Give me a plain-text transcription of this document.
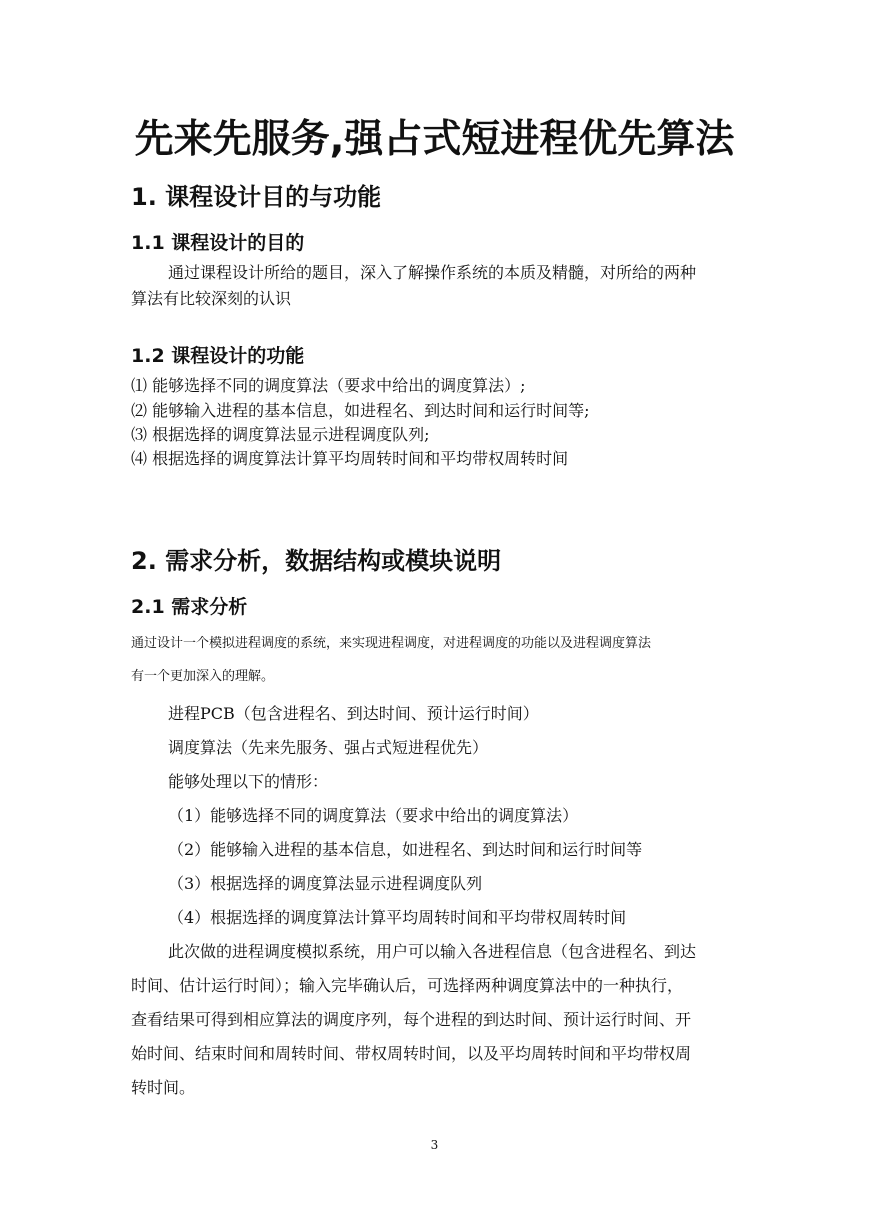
先来先服务,强占式短进程优先算法
1. 课程设计目的与功能
1.1 课程设计的目的
通过课程设计所给的题目，深入了解操作系统的本质及精髓，对所给的两种
算法有比较深刻的认识
1.2 课程设计的功能
⑴ 能够选择不同的调度算法（要求中给出的调度算法）;
⑵ 能够输入进程的基本信息，如进程名、到达时间和运行时间等;
⑶ 根据选择的调度算法显示进程调度队列;
⑷ 根据选择的调度算法计算平均周转时间和平均带权周转时间
2. 需求分析，数据结构或模块说明
2.1 需求分析
通过设计一个模拟进程调度的系统，来实现进程调度，对进程调度的功能以及进程调度算法
有一个更加深入的理解。
进程PCB（包含进程名、到达时间、预计运行时间）
调度算法（先来先服务、强占式短进程优先）
能够处理以下的情形：
（1）能够选择不同的调度算法（要求中给出的调度算法）
（2）能够输入进程的基本信息，如进程名、到达时间和运行时间等
（3）根据选择的调度算法显示进程调度队列
（4）根据选择的调度算法计算平均周转时间和平均带权周转时间
此次做的进程调度模拟系统，用户可以输入各进程信息（包含进程名、到达
时间、估计运行时间）；输入完毕确认后，可选择两种调度算法中的一种执行，
查看结果可得到相应算法的调度序列，每个进程的到达时间、预计运行时间、开
始时间、结束时间和周转时间、带权周转时间，以及平均周转时间和平均带权周
转时间。
3
